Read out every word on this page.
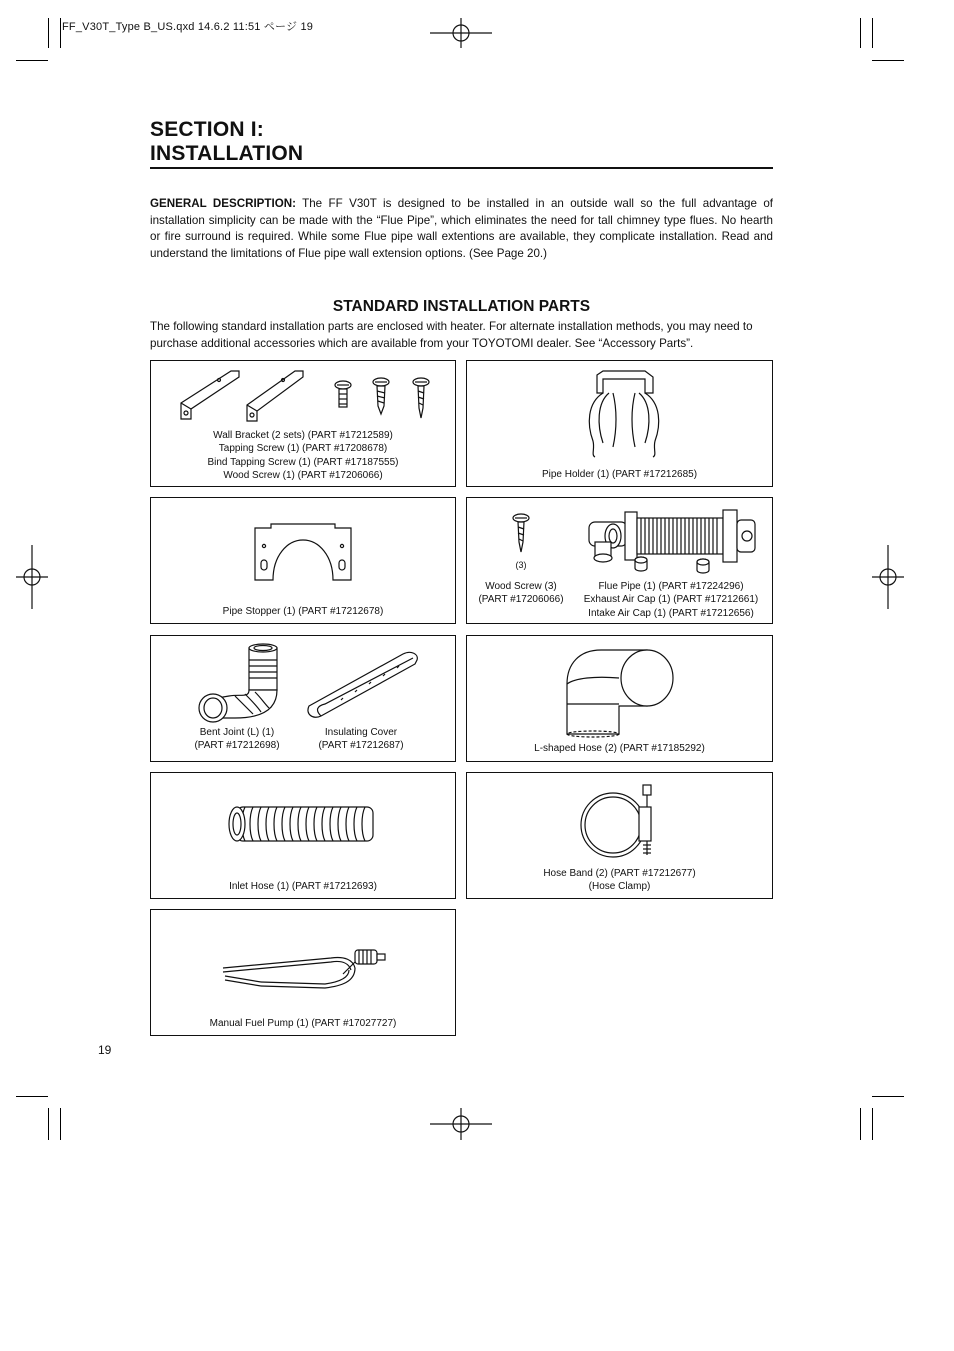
FF_V30T_Type B_US.qxd 14.6.2 11:51 ページ 19
SECTION I:
INSTALLATION
GENERAL DESCRIPTION: The FF V30T is designed to be installed in an outside wall so the full advantage of installation simplicity can be made with the “Flue Pipe”, which eliminates the need for tall chimney type flues. No hearth or fire surround is required. While some Flue pipe wall extentions are available, they complicate installation. Read and understand the limitations of Flue pipe wall extension options. (See Page 20.)
STANDARD INSTALLATION PARTS
The following standard installation parts are enclosed with heater. For alternate installation methods, you may need to purchase additional accessories which are available from your TOYOTOMI dealer. See “Accessory Parts”.
Wall Bracket (2 sets) (PART #17212589)
Tapping Screw (1) (PART #17208678)
Bind Tapping Screw (1) (PART #17187555)
Wood Screw (1) (PART #17206066)	Pipe Holder (1) (PART #17212685)
Pipe Stopper (1) (PART #17212678)
(3)
Wood Screw (3)
(PART #17206066)
Flue Pipe (1) (PART #17224296)
Exhaust Air Cap (1) (PART #17212661)
Intake Air Cap (1) (PART #17212656)
Bent Joint (L) (1)
(PART #17212698)
Insulating Cover
(PART #17212687)	L-shaped Hose (2) (PART #17185292)
Inlet Hose (1) (PART #17212693)
Hose Band (2) (PART #17212677)
(Hose Clamp)
Manual Fuel Pump (1) (PART #17027727)
19
